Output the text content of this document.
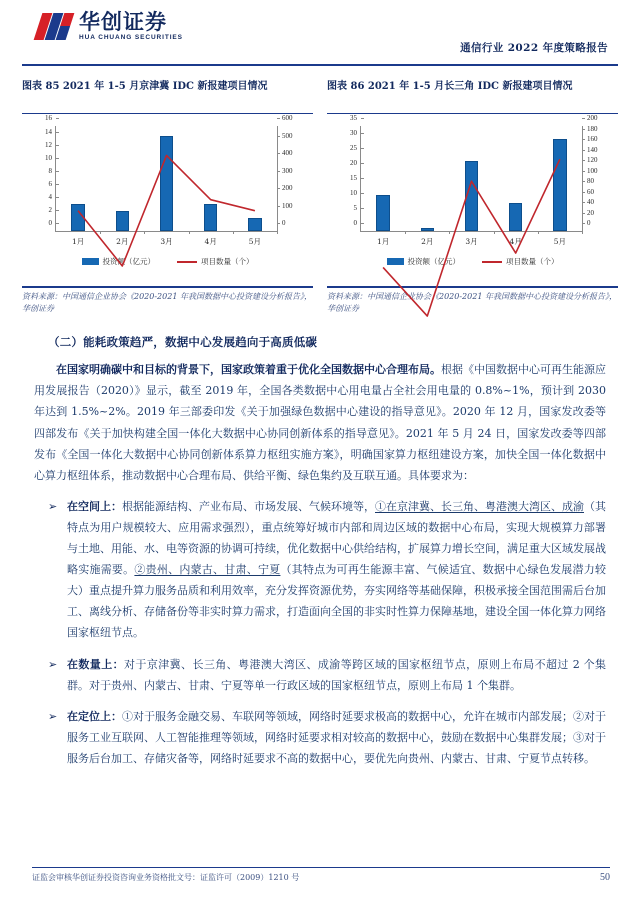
华创证券
HUA CHUANG SECURITIES
通信行业 2022 年度策略报告
图表 85 2021 年 1-5 月京津冀 IDC 新报建项目情况
0
2
4
6
8
10
12
14
16
0
100
200
300
400
500
600
1月	2月	3月	4月	5月
投资额（亿元）	项目数量（个）
资料来源：中国通信企业协会《2020-2021 年我国数据中心投资建设分析报告》，华创证券
图表 86 2021 年 1-5 月长三角 IDC 新报建项目情况
0
5
10
15
20
25
30
35
0
20
40
60
80
100
120
140
160
180
200
1月	2月	3月	4月	5月
投资额（亿元）	项目数量（个）
资料来源：中国通信企业协会《2020-2021 年我国数据中心投资建设分析报告》，华创证券
（二）能耗政策趋严，数据中心发展趋向于高质低碳

在国家明确碳中和目标的背景下，国家政策着重于优化全国数据中心合理布局。根据《中国数据中心可再生能源应用发展报告（2020）》显示，截至 2019 年，全国各类数据中心用电量占全社会用电量的 0.8%~1%，预计到 2030 年达到 1.5%~2%。2019 年三部委印发《关于加强绿色数据中心建设的指导意见》。2020 年 12 月，国家发改委等四部发布《关于加快构建全国一体化大数据中心协同创新体系的指导意见》。2021 年 5 月 24 日，国家发改委等四部发布《全国一体化大数据中心协同创新体系算力枢纽实施方案》，明确国家算力枢纽建设方案，加快全国一体化数据中心算力枢纽体系，推动数据中心合理布局、供给平衡、绿色集约及互联互通。具体要求为：

➢ 在空间上：根据能源结构、产业布局、市场发展、气候环境等，①在京津冀、长三角、粤港澳大湾区、成渝（其特点为用户规模较大、应用需求强烈），重点统筹好城市内部和周边区域的数据中心布局，实现大规模算力部署与土地、用能、水、电等资源的协调可持续，优化数据中心供给结构，扩展算力增长空间，满足重大区域发展战略实施需要。②贵州、内蒙古、甘肃、宁夏（其特点为可再生能源丰富、气候适宜、数据中心绿色发展潜力较大）重点提升算力服务品质和利用效率，充分发挥资源优势，夯实网络等基础保障，积极承接全国范围需后台加工、离线分析、存储备份等非实时算力需求，打造面向全国的非实时性算力保障基地，建设全国一体化算力网络国家枢纽节点。
➢ 在数量上：对于京津冀、长三角、粤港澳大湾区、成渝等跨区域的国家枢纽节点，原则上布局不超过 2 个集群。对于贵州、内蒙古、甘肃、宁夏等单一行政区域的国家枢纽节点，原则上布局 1 个集群。
➢ 在定位上：①对于服务金融交易、车联网等领域，网络时延要求极高的数据中心，允许在城市内部发展；②对于服务工业互联网、人工智能推理等领域，网络时延要求相对较高的数据中心，鼓励在数据中心集群发展；③对于服务后台加工、存储灾备等，网络时延要求不高的数据中心，要优先向贵州、内蒙古、甘肃、宁夏节点转移。
证监会审核华创证券投资咨询业务资格批文号：证监许可（2009）1210 号	50
